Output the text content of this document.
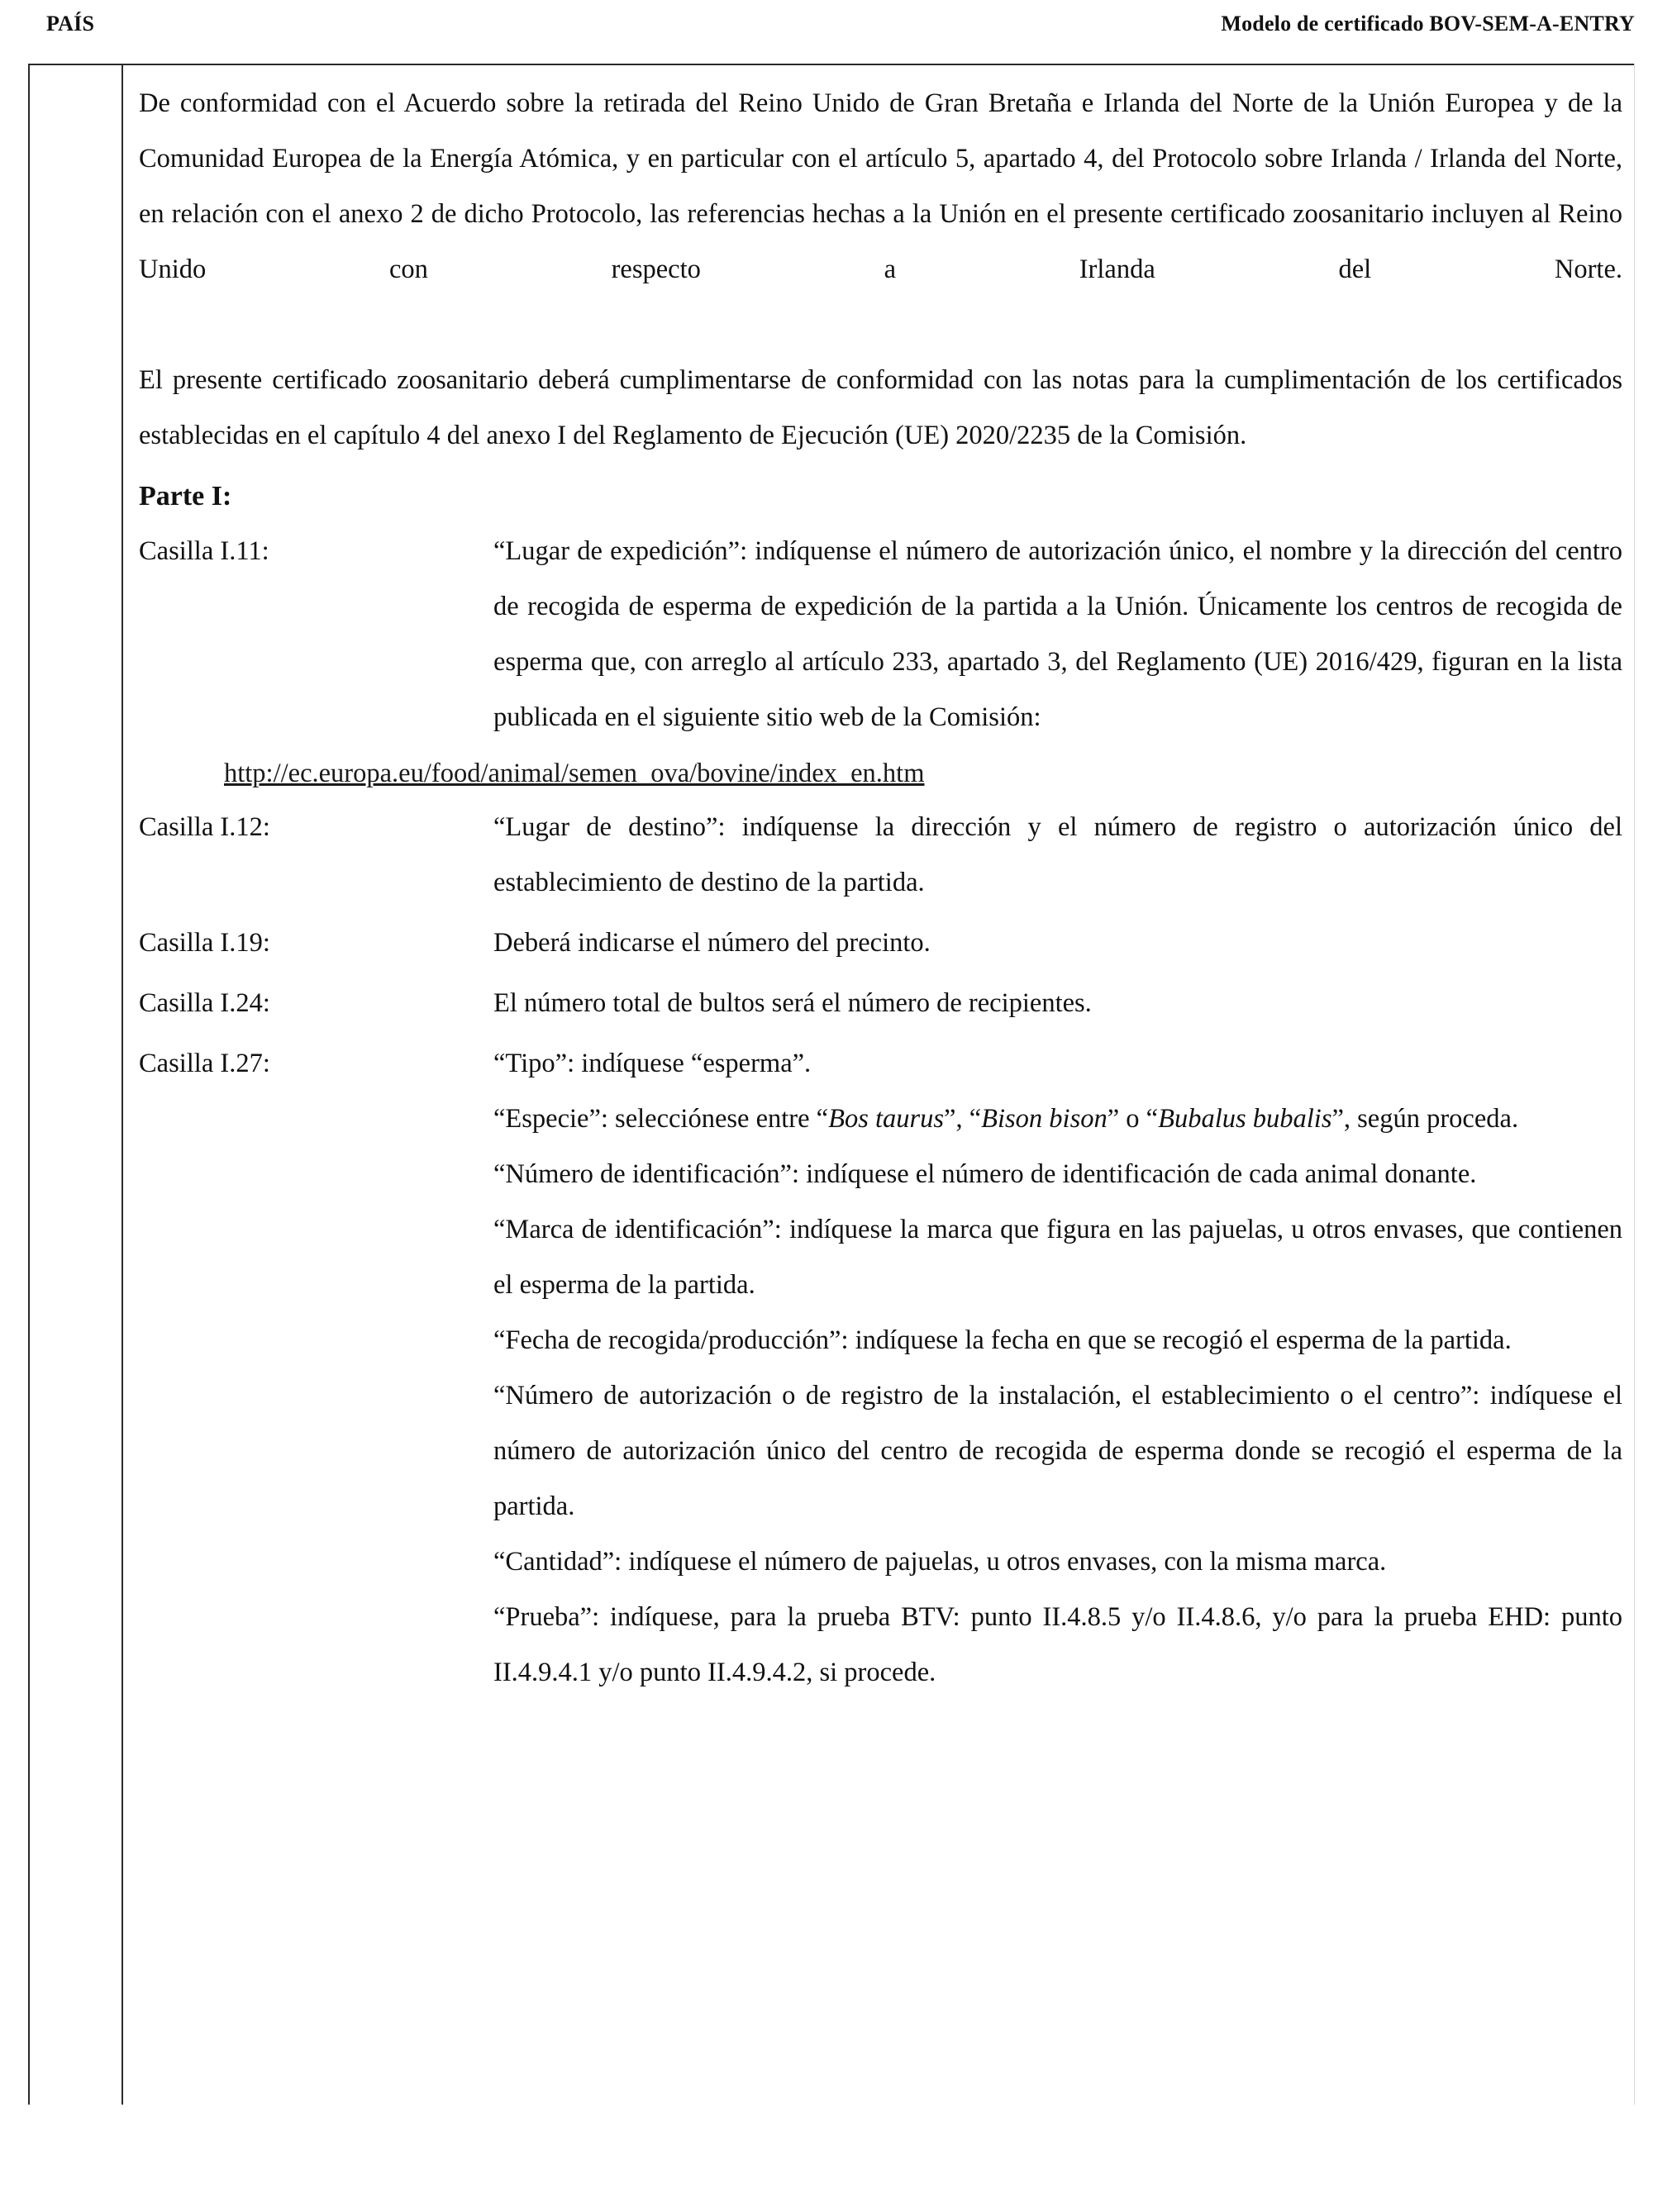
PAÍS	Modelo de certificado BOV-SEM-A-ENTRY

De conformidad con el Acuerdo sobre la retirada del Reino Unido de Gran Bretaña e Irlanda del Norte de la Unión Europea y de la Comunidad Europea de la Energía Atómica, y en particular con el artículo 5, apartado 4, del Protocolo sobre Irlanda / Irlanda del Norte, en relación con el anexo 2 de dicho Protocolo, las referencias hechas a la Unión en el presente certificado zoosanitario incluyen al Reino Unido con respecto a Irlanda del Norte.

El presente certificado zoosanitario deberá cumplimentarse de conformidad con las notas para la cumplimentación de los certificados establecidas en el capítulo 4 del anexo I del Reglamento de Ejecución (UE) 2020/2235 de la Comisión.

Parte I:
Casilla I.11:	“Lugar de expedición”: indíquense el número de autorización único, el nombre y la dirección del centro de recogida de esperma de expedición de la partida a la Unión. Únicamente los centros de recogida de esperma que, con arreglo al artículo 233, apartado 3, del Reglamento (UE) 2016/429, figuran en la lista publicada en el siguiente sitio web de la Comisión:

http://ec.europa.eu/food/animal/semen_ova/bovine/index_en.htm
Casilla I.12:	“Lugar de destino”: indíquense la dirección y el número de registro o autorización único del establecimiento de destino de la partida.

Casilla I.19:	Deberá indicarse el número del precinto.

Casilla I.24:	El número total de bultos será el número de recipientes.

Casilla I.27:	“Tipo”: indíquese “esperma”.

“Especie”: selecciónese entre “Bos taurus”, “Bison bison” o “Bubalus bubalis”, según proceda.

“Número de identificación”: indíquese el número de identificación de cada animal donante.

“Marca de identificación”: indíquese la marca que figura en las pajuelas, u otros envases, que contienen el esperma de la partida.

“Fecha de recogida/producción”: indíquese la fecha en que se recogió el esperma de la partida.

“Número de autorización o de registro de la instalación, el establecimiento o el centro”: indíquese el número de autorización único del centro de recogida de esperma donde se recogió el esperma de la partida.

“Cantidad”: indíquese el número de pajuelas, u otros envases, con la misma marca.

“Prueba”: indíquese, para la prueba BTV: punto II.4.8.5 y/o II.4.8.6, y/o para la prueba EHD: punto II.4.9.4.1 y/o punto II.4.9.4.2, si procede.
